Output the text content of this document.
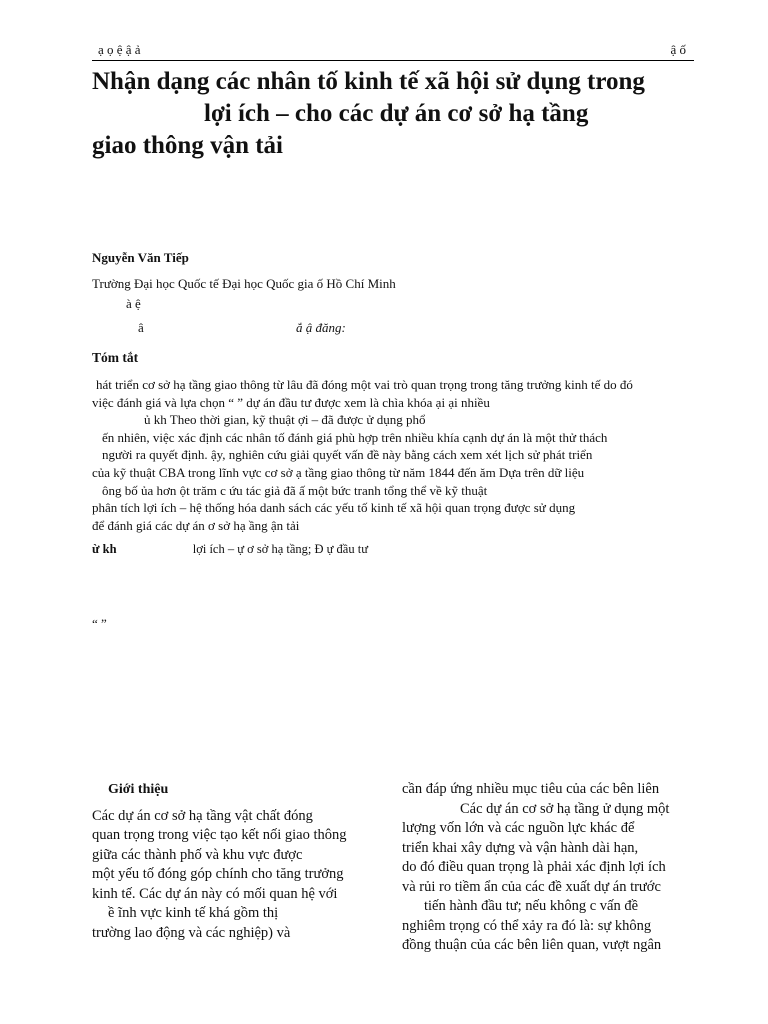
ạ ọ ệ ậ ả	ậ ố
Nhận dạng các nhân tố kinh tế xã hội sử dụng trong
lợi ích – cho các dự án cơ sở hạ tầng
giao thông vận tải
Nguyễn Văn Tiếp
Trường Đại học Quốc tế Đại học Quốc gia ố Hồ Chí Minh
à ệ
â	ắ ậ đăng:
Tóm tắt
hát triển cơ sở hạ tầng giao thông từ lâu đã đóng một vai trò quan trọng trong tăng trưởng kinh tế do đó
việc đánh giá và lựa chọn “ ” dự án đầu tư được xem là chìa khóa ại ại nhiều
ủ kh Theo thời gian, kỹ thuật ợi – đã được ử dụng phổ
ến nhiên, việc xác định các nhân tố đánh giá phù hợp trên nhiều khía cạnh dự án là một thử thách
người ra quyết định. ậy, nghiên cứu giải quyết vấn đề này bằng cách xem xét lịch sử phát triển
của kỹ thuật CBA trong lĩnh vực cơ sở ạ tầng giao thông từ năm 1844 đến ăm Dựa trên dữ liệu
ông bố ủa hơn ột trăm c ứu tác giả đã ấ một bức tranh tổng thể về kỹ thuật
phân tích lợi ích – hệ thống hóa danh sách các yếu tố kinh tế xã hội quan trọng được sử dụng
để đánh giá các dự án ơ sở hạ ầng ận tải
ừ kh	lợi ích – ự ơ sở hạ tầng; Đ ự đầu tư
“ ”
Giới thiệu
Các dự án cơ sở hạ tầng vật chất đóng
quan trọng trong việc tạo kết nối giao thông
giữa các thành phố và khu vực được
một yếu tố đóng góp chính cho tăng trưởng
kinh tế. Các dự án này có mối quan hệ với
ề ĩnh vực kinh tế khá gồm thị
trường lao động và các nghiệp) và
cần đáp ứng nhiều mục tiêu của các bên liên
Các dự án cơ sở hạ tầng ử dụng một
lượng vốn lớn và các nguồn lực khác để
triển khai xây dựng và vận hành dài hạn,
do đó điều quan trọng là phải xác định lợi ích
và rủi ro tiềm ẩn của các đề xuất dự án trước
tiến hành đầu tư; nếu không c vấn đề
nghiêm trọng có thể xảy ra đó là: sự không
đồng thuận của các bên liên quan, vượt ngân
